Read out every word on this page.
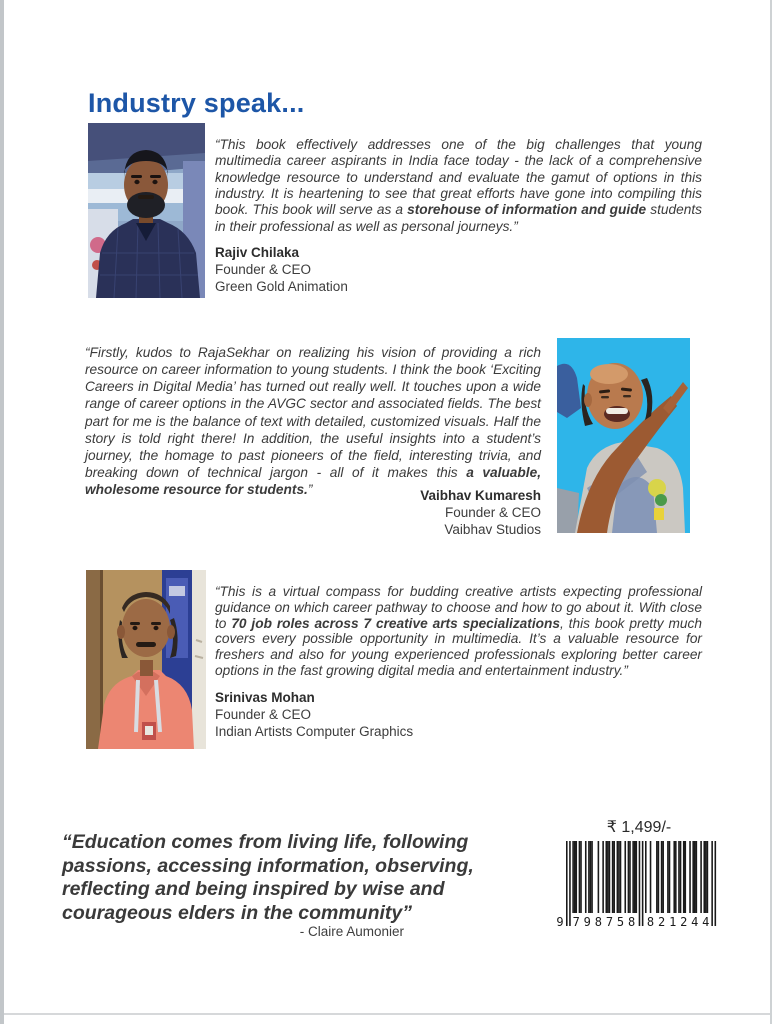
Industry speak...

“This book effectively addresses one of the big challenges that young multimedia career aspirants in India face today - the lack of a comprehensive knowledge resource to understand and evaluate the gamut of options in this industry. It is heartening to see that great efforts have gone into compiling this book. This book will serve as a storehouse of information and guide students in their professional as well as personal journeys.”

Rajiv Chilaka
Founder & CEO
Green Gold Animation

“Firstly, kudos to RajaSekhar on realizing his vision of providing a rich resource on career information to young students. I think the book ‘Exciting Careers in Digital Media’ has turned out really well. It touches upon a wide range of career options in the AVGC sector and associated fields. The best part for me is the balance of text with detailed, customized visuals. Half the story is told right there! In addition, the useful insights into a student’s journey, the homage to past pioneers of the field, interesting trivia, and breaking down of technical jargon - all of it makes this a valuable, wholesome resource for students.”	Vaibhav Kumaresh
Founder & CEO
Vaibhav Studios

“This is a virtual compass for budding creative artists expecting professional guidance on which career pathway to choose and how to go about it. With close to 70 job roles across 7 creative arts specializations, this book pretty much covers every possible opportunity in multimedia. It’s a valuable resource for freshers and also for young experienced professionals exploring better career options in the fast growing digital media and entertainment industry.”

Srinivas Mohan
Founder & CEO
Indian Artists Computer Graphics
“Education comes from living life, following passions, accessing information, observing, reflecting and being inspired by wise and courageous elders in the community”
- Claire Aumonier
₹ 1,499/-
9 7 9 8 7 5 8 8 2 1 2 4 4
